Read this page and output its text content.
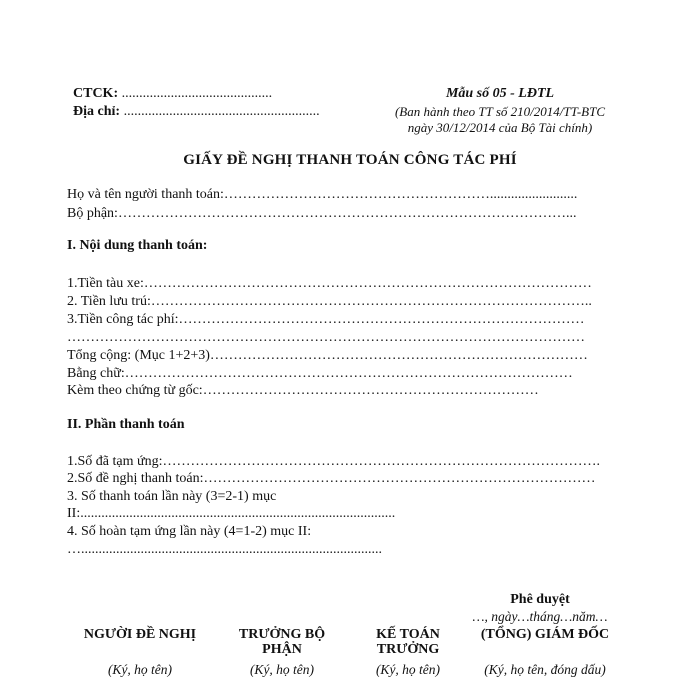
CTCK: ...........................................
Địa chỉ: ........................................................
Mẫu số 05 - LĐTL
(Ban hành theo TT số 210/2014/TT-BTC
ngày 30/12/2014 của Bộ Tài chính)
GIẤY ĐỀ NGHỊ THANH TOÁN CÔNG TÁC PHÍ
Họ và tên người thanh toán:………………………………………………….........................
Bộ phận:……………………………………………………………………………………...
I. Nội dung thanh toán:
1.Tiền tàu xe:……………………………………………………………………………………
2. Tiền lưu trú:…………………………………………………………………………………..
3.Tiền công tác phí:……………………………………………………………………………
…………………………………………………………………………………………………
Tổng cộng: (Mục 1+2+3)………………………………………………………………………
Bằng chữ:……………………………………………………………………………………
Kèm theo chứng từ gốc:………………………………………………………………
II. Phần thanh toán
1.Số đã tạm ứng:………………………………………………………………………………….
2.Số đề nghị thanh toán:…………………………………………………………………………
3. Số thanh toán lần này (3=2-1) mục
II:..........................................................................................
4. Số hoàn tạm ứng lần này (4=1-2) mục II:
…......................................................................................
Phê duyệt
…, ngày…tháng…năm…
NGƯỜI ĐỀ NGHỊ
(Ký, họ tên)
TRƯỞNG BỘ PHẬN
(Ký, họ tên)
KẾ TOÁN TRƯỞNG
(Ký, họ tên)
(TỔNG) GIÁM ĐỐC
(Ký, họ tên, đóng dấu)
